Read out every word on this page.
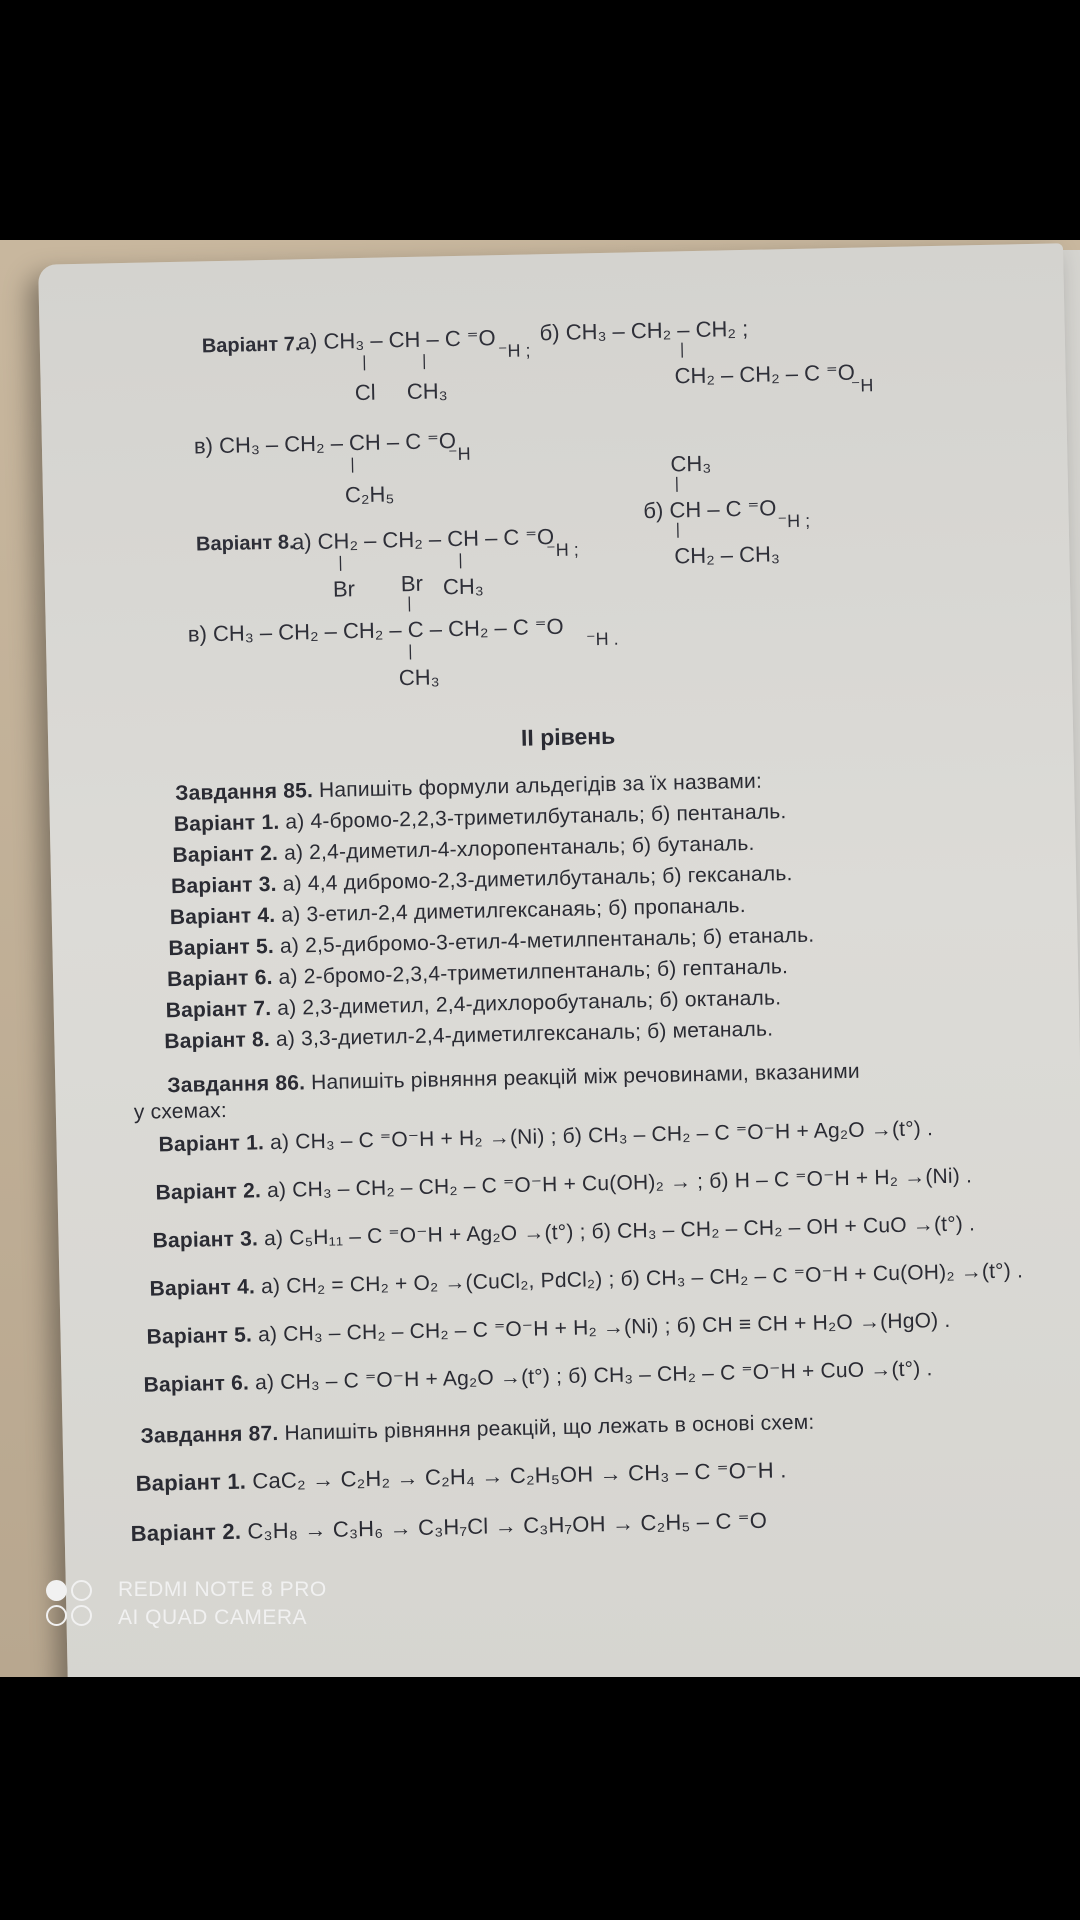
Варіант 7.
а) CH₃ – CH – C ⁼O ⁻H ;
|	|
Cl CH₃
б) CH₃ – CH₂ – CH₂ ;
|
CH₂ – CH₂ – C ⁼O
⁻H
в) CH₃ – CH₂ – CH – C ⁼O
⁻H
|
C₂H₅
CH₃
|
б) CH – C ⁼O ⁻H ;
|
CH₂ – CH₃
Варіант 8.
а) CH₂ – CH₂ – CH – C ⁼O
⁻H ;
|	|
Br	CH₃
Br
|
в) CH₃ – CH₂ – CH₂ – C – CH₂ – C ⁼O ⁻H .
|
CH₃
II рівень
Завдання 85. Напишіть формули альдегідів за їх назвами:
Варіант 1. а) 4-бромо-2,2,3-триметилбутаналь; б) пентаналь.
Варіант 2. а) 2,4-диметил-4-хлоропентаналь; б) бутаналь.
Варіант 3. а) 4,4 дибромо-2,3-диметилбутаналь; б) гексаналь.
Варіант 4. а) 3-етил-2,4 диметилгексанаяь; б) пропаналь.
Варіант 5. а) 2,5-дибромо-3-етил-4-метилпентаналь; б) етаналь.
Варіант 6. а) 2-бромо-2,3,4-триметилпентаналь; б) гептаналь.
Варіант 7. а) 2,3-диметил, 2,4-дихлоробутаналь; б) октаналь.
Варіант 8. а) 3,3-диетил-2,4-диметилгексаналь; б) метаналь.
Завдання 86. Напишіть рівняння реакцій між речовинами, вказаними
у схемах:
Варіант 1. а) CH₃ – C ⁼O⁻H + H₂ →(Ni) ; б) CH₃ – CH₂ – C ⁼O⁻H + Ag₂O →(t°) .
Варіант 2. а) CH₃ – CH₂ – CH₂ – C ⁼O⁻H + Cu(OH)₂ → ; б) H – C ⁼O⁻H + H₂ →(Ni) .
Варіант 3. а) C₅H₁₁ – C ⁼O⁻H + Ag₂O →(t°) ; б) CH₃ – CH₂ – CH₂ – OH + CuO →(t°) .
Варіант 4. а) CH₂ = CH₂ + O₂ →(CuCl₂, PdCl₂) ; б) CH₃ – CH₂ – C ⁼O⁻H + Cu(OH)₂ →(t°) .
Варіант 5. а) CH₃ – CH₂ – CH₂ – C ⁼O⁻H + H₂ →(Ni) ; б) CH ≡ CH + H₂O →(HgO) .
Варіант 6. а) CH₃ – C ⁼O⁻H + Ag₂O →(t°) ; б) CH₃ – CH₂ – C ⁼O⁻H + CuO →(t°) .
Завдання 87. Напишіть рівняння реакцій, що лежать в основі схем:
Варіант 1. CaC₂ → C₂H₂ → C₂H₄ → C₂H₅OH → CH₃ – C ⁼O⁻H .
Варіант 2. C₃H₈ → C₃H₆ → C₃H₇Cl → C₃H₇OH → C₂H₅ – C ⁼O
REDMI NOTE 8 PRO
AI QUAD CAMERA
